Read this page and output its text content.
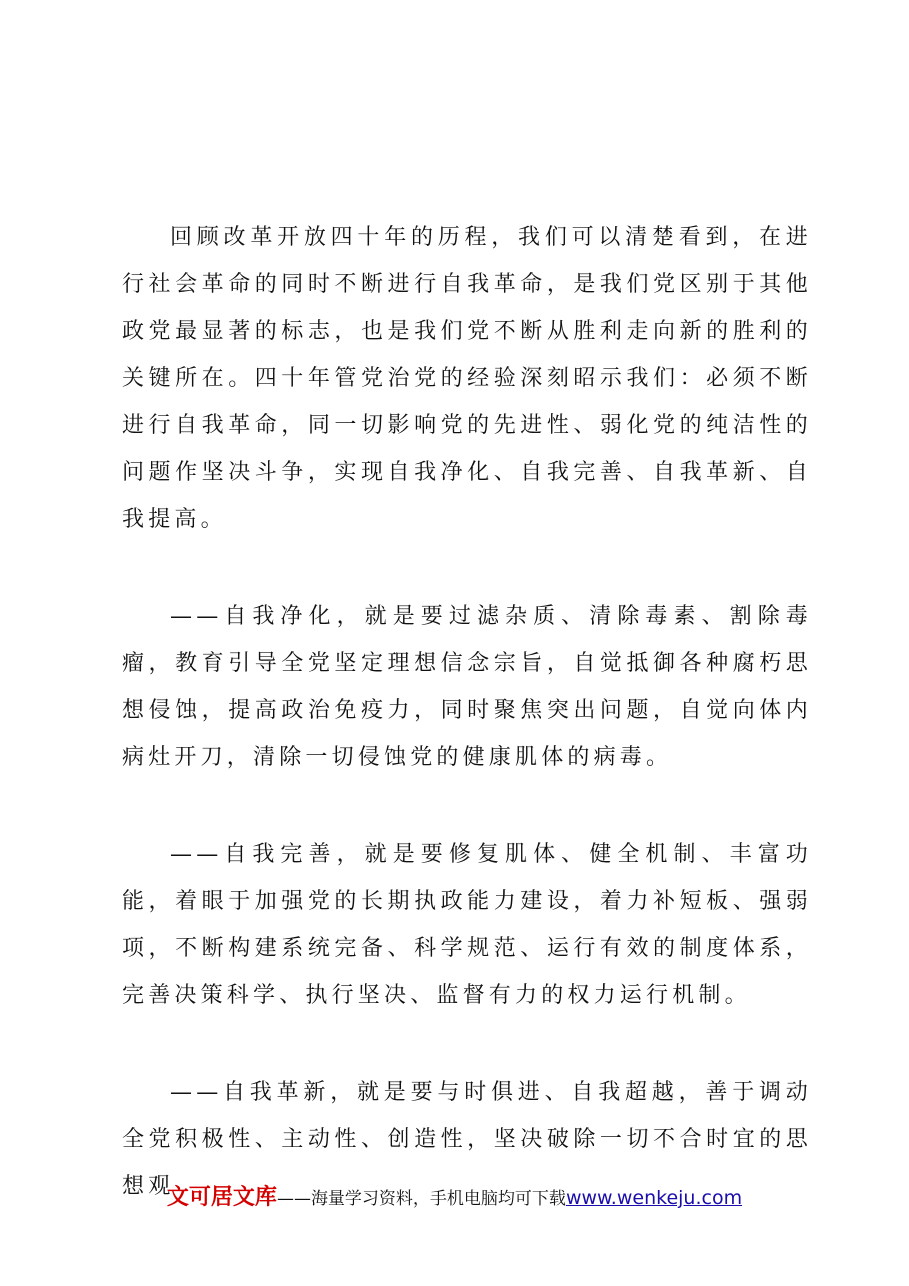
回顾改革开放四十年的历程，我们可以清楚看到，在进行社会革命的同时不断进行自我革命，是我们党区别于其他政党最显著的标志，也是我们党不断从胜利走向新的胜利的关键所在。四十年管党治党的经验深刻昭示我们：必须不断进行自我革命，同一切影响党的先进性、弱化党的纯洁性的问题作坚决斗争，实现自我净化、自我完善、自我革新、自我提高。

——自我净化，就是要过滤杂质、清除毒素、割除毒瘤，教育引导全党坚定理想信念宗旨，自觉抵御各种腐朽思想侵蚀，提高政治免疫力，同时聚焦突出问题，自觉向体内病灶开刀，清除一切侵蚀党的健康肌体的病毒。

——自我完善，就是要修复肌体、健全机制、丰富功能，着眼于加强党的长期执政能力建设，着力补短板、强弱项，不断构建系统完备、科学规范、运行有效的制度体系，完善决策科学、执行坚决、监督有力的权力运行机制。

——自我革新，就是要与时俱进、自我超越，善于调动全党积极性、主动性、创造性，坚决破除一切不合时宜的思想观

文可居文库——海量学习资料，手机电脑均可下载www.wenkeju.com
